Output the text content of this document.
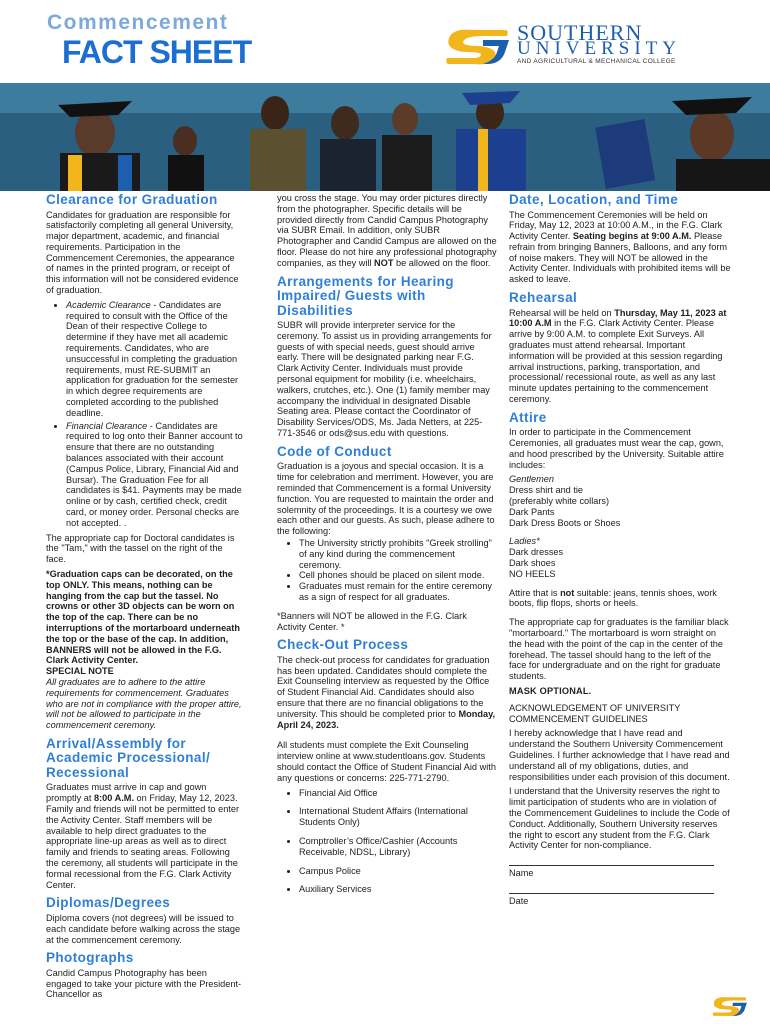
Commencement
FACT SHEET
SOUTHERN
UNIVERSITY
AND AGRICULTURAL & MECHANICAL COLLEGE
Clearance for Graduation

Candidates for graduation are responsible for satisfactorily completing all general University, major department, academic, and financial requirements. Participation in the Commencement Ceremonies, the appearance of names in the printed program, or receipt of this information will not be considered evidence of graduation.

• Academic Clearance - Candidates are required to consult with the Office of the Dean of their respective College to determine if they have met all academic requirements. Candidates, who are unsuccessful in completing the graduation requirements, must RE-SUBMIT an application for graduation for the semester in which degree requirements are completed according to the published deadline.
• Financial Clearance - Candidates are required to log onto their Banner account to ensure that there are no outstanding balances associated with their account (Campus Police, Library, Financial Aid and Bursar). The Graduation Fee for all candidates is $41. Payments may be made online or by cash, certified check, credit card, or money order. Personal checks are not accepted. .

The appropriate cap for Doctoral candidates is the "Tam," with the tassel on the right of the face.

*Graduation caps can be decorated, on the top ONLY. This means, nothing can be hanging from the cap but the tassel. No crowns or other 3D objects can be worn on the top of the cap. There can be no interruptions of the mortarboard underneath the top or the base of the cap. In addition, BANNERS will not be allowed in the F.G. Clark Activity Center.

SPECIAL NOTE

All graduates are to adhere to the attire requirements for commencement. Graduates who are not in compliance with the proper attire, will not be allowed to participate in the commencement ceremony.

Arrival/Assembly for Academic Processional/ Recessional

Graduates must arrive in cap and gown promptly at 8:00 A.M. on Friday, May 12, 2023. Family and friends will not be permitted to enter the Activity Center. Staff members will be available to help direct graduates to the appropriate line-up areas as well as to direct family and friends to seating areas. Following the ceremony, all students will participate in the formal recessional from the F.G. Clark Activity Center.

Diplomas/Degrees

Diploma covers (not degrees) will be issued to each candidate before walking across the stage at the commencement ceremony.

Photographs

Candid Campus Photography has been engaged to take your picture with the President-Chancellor as

you cross the stage. You may order pictures directly from the photographer. Specific details will be provided directly from Candid Campus Photography via SUBR Email. In addition, only SUBR Photographer and Candid Campus are allowed on the floor. Please do not hire any professional photography companies, as they will NOT be allowed on the floor.

Arrangements for Hearing Impaired/ Guests with Disabilities

SUBR will provide interpreter service for the ceremony. To assist us in providing arrangements for guests of with special needs, guest should arrive early. There will be designated parking near F.G. Clark Activity Center. Individuals must provide personal equipment for mobility (i.e. wheelchairs, walkers, crutches, etc.). One (1) family member may accompany the individual in designated Disable Seating area. Please contact the Coordinator of Disability Services/ODS, Ms. Jada Netters, at 225-771-3546 or ods@sus.edu with questions.

Code of Conduct

Graduation is a joyous and special occasion. It is a time for celebration and merriment. However, you are reminded that Commencement is a formal University function. You are requested to maintain the order and solemnity of the proceedings. It is a courtesy we owe each other and our guests. As such, please adhere to the following:

• The University strictly prohibits "Greek strolling" of any kind during the commencement ceremony.
• Cell phones should be placed on silent mode.
• Graduates must remain for the entire ceremony as a sign of respect for all graduates.

*Banners will NOT be allowed in the F.G. Clark Activity Center. *

Check-Out Process

The check-out process for candidates for graduation has been updated. Candidates should complete the Exit Counseling interview as requested by the Office of Student Financial Aid. Candidates should also ensure that there are no financial obligations to the university. This should be completed prior to Monday, April 24, 2023.

All students must complete the Exit Counseling interview online at www.studentloans.gov. Students should contact the Office of Student Financial Aid with any questions or concerns: 225-771-2790.

• Financial Aid Office
• International Student Affairs (International Students Only)
• Comptroller’s Office/Cashier (Accounts Receivable, NDSL, Library)
• Campus Police
• Auxiliary Services
Date, Location, and Time

The Commencement Ceremonies will be held on Friday, May 12, 2023 at 10:00 A.M., in the F.G. Clark Activity Center. Seating begins at 9:00 A.M. Please refrain from bringing Banners, Balloons, and any form of noise makers. They will NOT be allowed in the Activity Center. Individuals with prohibited items will be asked to leave.

Rehearsal

Rehearsal will be held on Thursday, May 11, 2023 at 10:00 A.M in the F.G. Clark Activity Center. Please arrive by 9:00 A.M. to complete Exit Surveys. All graduates must attend rehearsal. Important information will be provided at this session regarding arrival instructions, parking, transportation, and processional/ recessional route, as well as any last minute updates pertaining to the commencement ceremony.

Attire

In order to participate in the Commencement Ceremonies, all graduates must wear the cap, gown, and hood prescribed by the University. Suitable attire includes:

Gentlemen
Dress shirt and tie
(preferably white collars)
Dark Pants
Dark Dress Boots or Shoes
Ladies*
Dark dresses
Dark shoes
NO HEELS

Attire that is not suitable: jeans, tennis shoes, work boots, flip flops, shorts or heels.

The appropriate cap for graduates is the familiar black "mortarboard." The mortarboard is worn straight on the head with the point of the cap in the center of the forehead. The tassel should hang to the left of the face for undergraduate and on the right for graduate students.

MASK OPTIONAL.

ACKNOWLEDGEMENT OF UNIVERSITY COMMENCEMENT GUIDELINES

I hereby acknowledge that I have read and understand the Southern University Commencement Guidelines. I further acknowledge that I have read and understand all of my obligations, duties, and responsibilities under each provision of this document.

I understand that the University reserves the right to limit participation of students who are in violation of the Commencement Guidelines to include the Code of Conduct. Additionally, Southern University reserves the right to escort any student from the F.G. Clark Activity Center for non-compliance.

Name
Date
